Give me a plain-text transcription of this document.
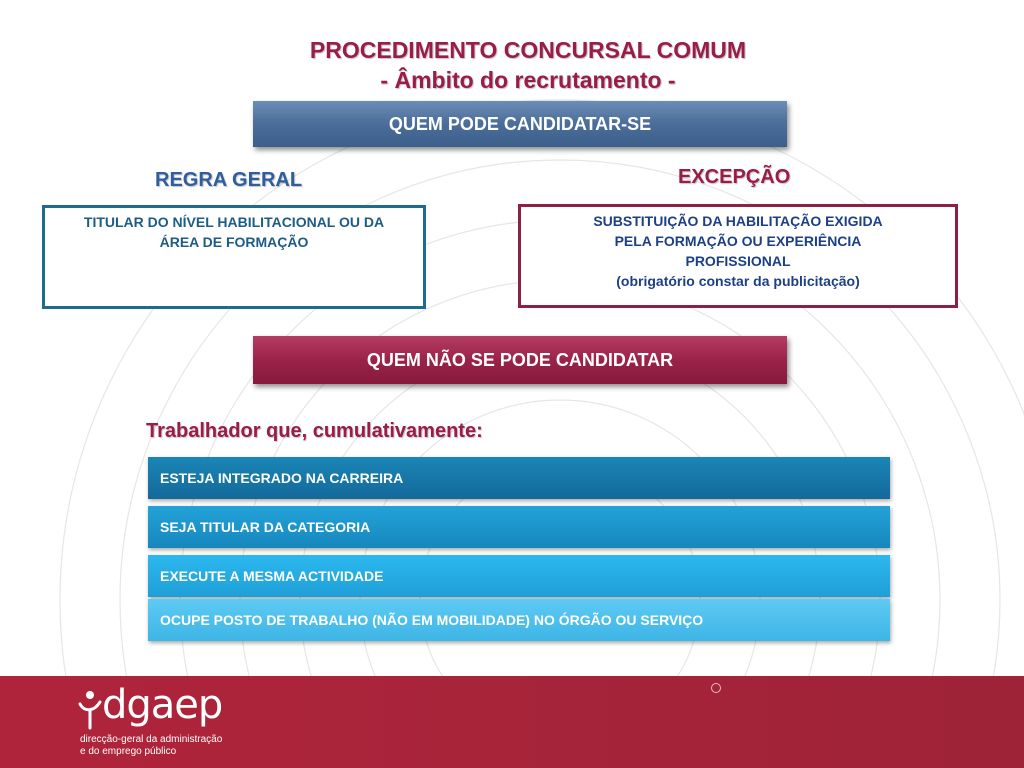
PROCEDIMENTO CONCURSAL COMUM
- Âmbito do recrutamento -
QUEM PODE CANDIDATAR-SE
REGRA GERAL	EXCEPÇÃO
TITULAR DO NÍVEL HABILITACIONAL OU DA
ÁREA DE FORMAÇÃO
SUBSTITUIÇÃO DA HABILITAÇÃO EXIGIDA
PELA FORMAÇÃO OU EXPERIÊNCIA
PROFISSIONAL
(obrigatório constar da publicitação)
QUEM NÃO SE PODE CANDIDATAR
Trabalhador que, cumulativamente:
ESTEJA INTEGRADO NA CARREIRA
SEJA TITULAR DA CATEGORIA
EXECUTE A MESMA ACTIVIDADE
OCUPE POSTO DE TRABALHO (NÃO EM MOBILIDADE) NO ÓRGÃO OU SERVIÇO
dgaep
direcção-geral da administração
e do emprego público
